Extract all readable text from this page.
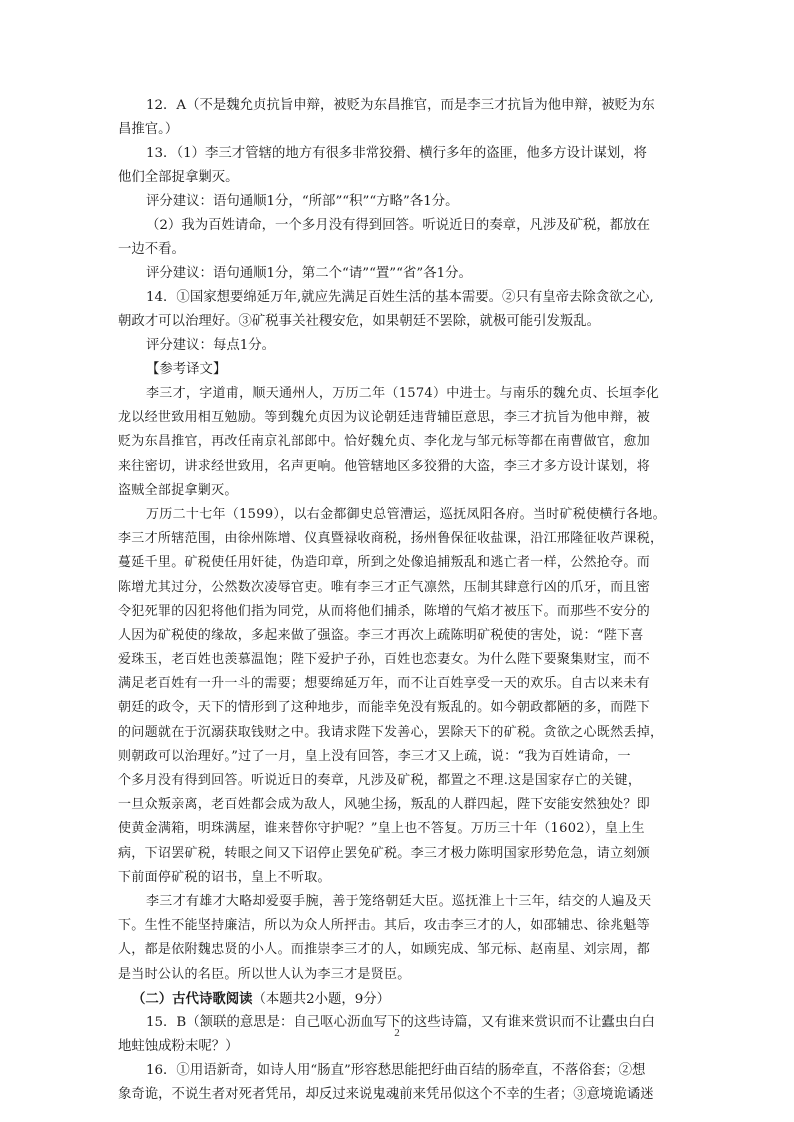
12．A（不是魏允贞抗旨申辩，被贬为东昌推官，而是李三才抗旨为他申辩，被贬为东
昌推官。）
13．（1）李三才管辖的地方有很多非常狡猾、横行多年的盗匪，他多方设计谋划，将
他们全部捉拿剿灭。
评分建议：语句通顺1分，“所部”“积”“方略”各1分。
（2）我为百姓请命，一个多月没有得到回答。听说近日的奏章，凡涉及矿税，都放在
一边不看。
评分建议：语句通顺1分，第二个“请”“置”“省”各1分。
14．①国家想要绵延万年,就应先满足百姓生活的基本需要。②只有皇帝去除贪欲之心,
朝政才可以治理好。③矿税事关社稷安危，如果朝廷不罢除，就极可能引发叛乱。
评分建议：每点1分。
【参考译文】
李三才，字道甫，顺天通州人，万历二年（1574）中进士。与南乐的魏允贞、长垣李化
龙以经世致用相互勉励。等到魏允贞因为议论朝廷违背辅臣意思，李三才抗旨为他申辩，被
贬为东昌推官，再改任南京礼部郎中。恰好魏允贞、李化龙与邹元标等都在南曹做官，愈加
来往密切，讲求经世致用，名声更响。他管辖地区多狡猾的大盗，李三才多方设计谋划，将
盗贼全部捉拿剿灭。
万历二十七年（1599），以右金都御史总管漕运，巡抚凤阳各府。当时矿税使横行各地。
李三才所辖范围，由徐州陈增、仪真暨禄收商税，扬州鲁保征收盐课，沿江邢隆征收芦课税，
蔓延千里。矿税使任用奸徒，伪造印章，所到之处像追捕叛乱和逃亡者一样，公然抢夺。而
陈增尤其过分，公然数次凌辱官吏。唯有李三才正气凛然，压制其肆意行凶的爪牙，而且密
令犯死罪的囚犯将他们指为同党，从而将他们捕杀，陈增的气焰才被压下。而那些不安分的
人因为矿税使的缘故，多起来做了强盗。李三才再次上疏陈明矿税使的害处，说：“陛下喜
爱珠玉，老百姓也羡慕温饱；陛下爱护子孙，百姓也恋妻女。为什么陛下要聚集财宝，而不
满足老百姓有一升一斗的需要；想要绵延万年，而不让百姓享受一天的欢乐。自古以来未有
朝廷的政令，天下的情形到了这种地步，而能幸免没有叛乱的。如今朝政都陋的多，而陛下
的问题就在于沉溺获取钱财之中。我请求陛下发善心，罢除天下的矿税。贪欲之心既然丢掉，
则朝政可以治理好。”过了一月，皇上没有回答，李三才又上疏，说：“我为百姓请命，一
个多月没有得到回答。听说近日的奏章，凡涉及矿税，都置之不理.这是国家存亡的关键，
一旦众叛亲离，老百姓都会成为敌人，风驰尘扬，叛乱的人群四起，陛下安能安然独处？即
使黄金满箱，明珠满屋，谁来替你守护呢？”皇上也不答复。万历三十年（1602），皇上生
病，下诏罢矿税，转眼之间又下诏停止罢免矿税。李三才极力陈明国家形势危急，请立刻颁
下前面停矿税的诏书，皇上不听取。
李三才有雄才大略却爱耍手腕，善于笼络朝廷大臣。巡抚淮上十三年，结交的人遍及天
下。生性不能坚持廉洁，所以为众人所抨击。其后，攻击李三才的人，如邵辅忠、徐兆魁等
人，都是依附魏忠贤的小人。而推崇李三才的人，如顾宪成、邹元标、赵南星、刘宗周，都
是当时公认的名臣。所以世人认为李三才是贤臣。
（二）古代诗歌阅读（本题共2小题，9分）
15．B（颔联的意思是：自己呕心沥血写下的这些诗篇，又有谁来赏识而不让蠹虫白白
地蛀蚀成粉末呢？）
16．①用语新奇，如诗人用“肠直”形容愁思能把纡曲百结的肠牵直，不落俗套；②想
象奇诡，不说生者对死者凭吊，却反过来说鬼魂前来凭吊似这个不幸的生者；③意境诡谲迷
2
